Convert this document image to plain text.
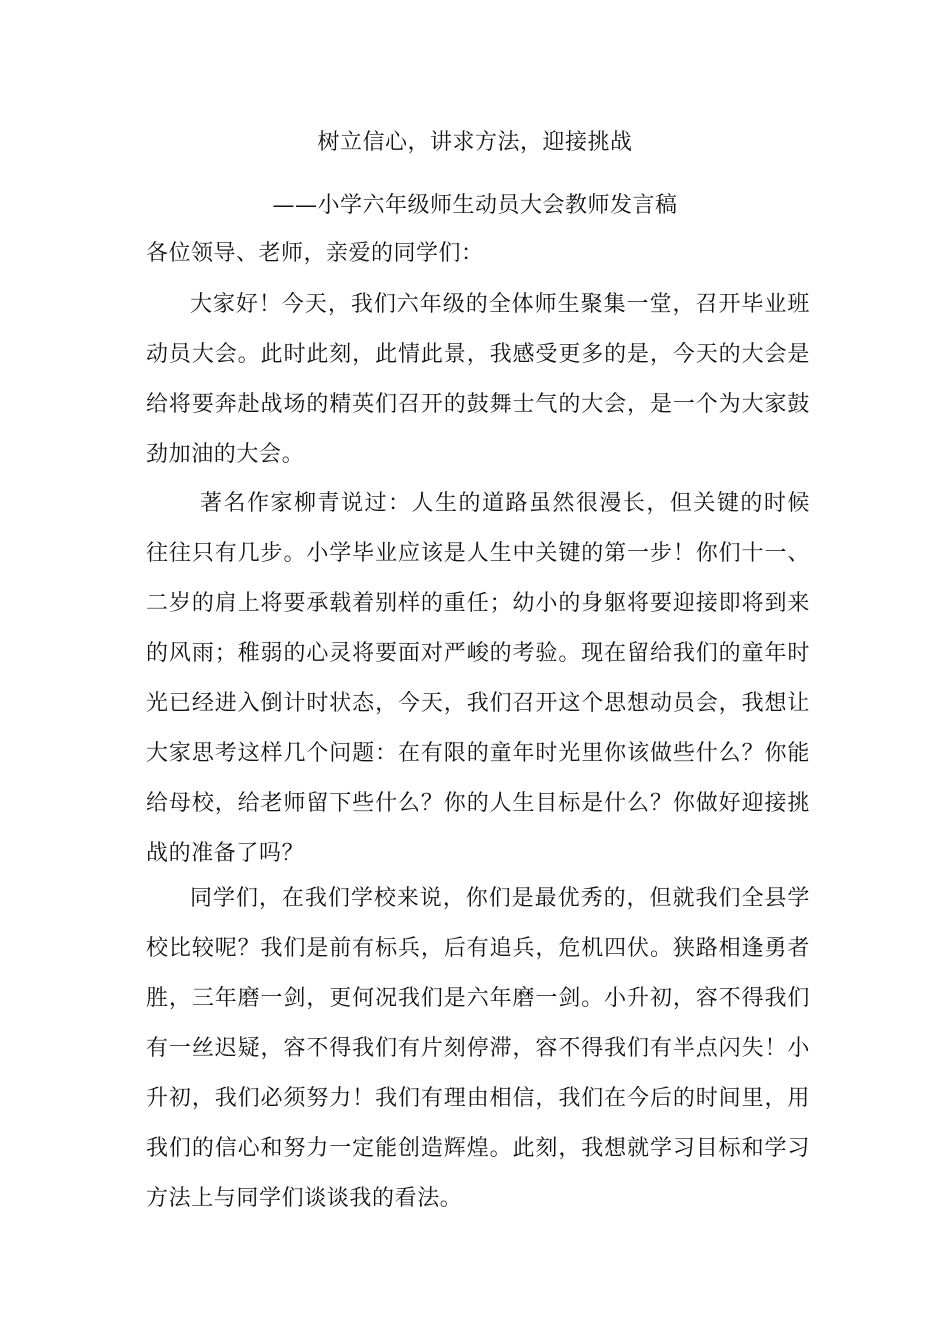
树立信心，讲求方法，迎接挑战
——小学六年级师生动员大会教师发言稿
各位领导、老师，亲爱的同学们：

大家好！今天，我们六年级的全体师生聚集一堂，召开毕业班动员大会。此时此刻，此情此景，我感受更多的是，今天的大会是给将要奔赴战场的精英们召开的鼓舞士气的大会，是一个为大家鼓劲加油的大会。

著名作家柳青说过：人生的道路虽然很漫长，但关键的时候往往只有几步。小学毕业应该是人生中关键的第一步！你们十一、二岁的肩上将要承载着别样的重任；幼小的身躯将要迎接即将到来的风雨；稚弱的心灵将要面对严峻的考验。现在留给我们的童年时光已经进入倒计时状态，今天，我们召开这个思想动员会，我想让大家思考这样几个问题：在有限的童年时光里你该做些什么？你能给母校，给老师留下些什么？你的人生目标是什么？你做好迎接挑战的准备了吗？

同学们，在我们学校来说，你们是最优秀的，但就我们全县学校比较呢？我们是前有标兵，后有追兵，危机四伏。狭路相逢勇者胜，三年磨一剑，更何况我们是六年磨一剑。小升初，容不得我们有一丝迟疑，容不得我们有片刻停滞，容不得我们有半点闪失！小升初，我们必须努力！我们有理由相信，我们在今后的时间里，用我们的信心和努力一定能创造辉煌。此刻，我想就学习目标和学习方法上与同学们谈谈我的看法。
